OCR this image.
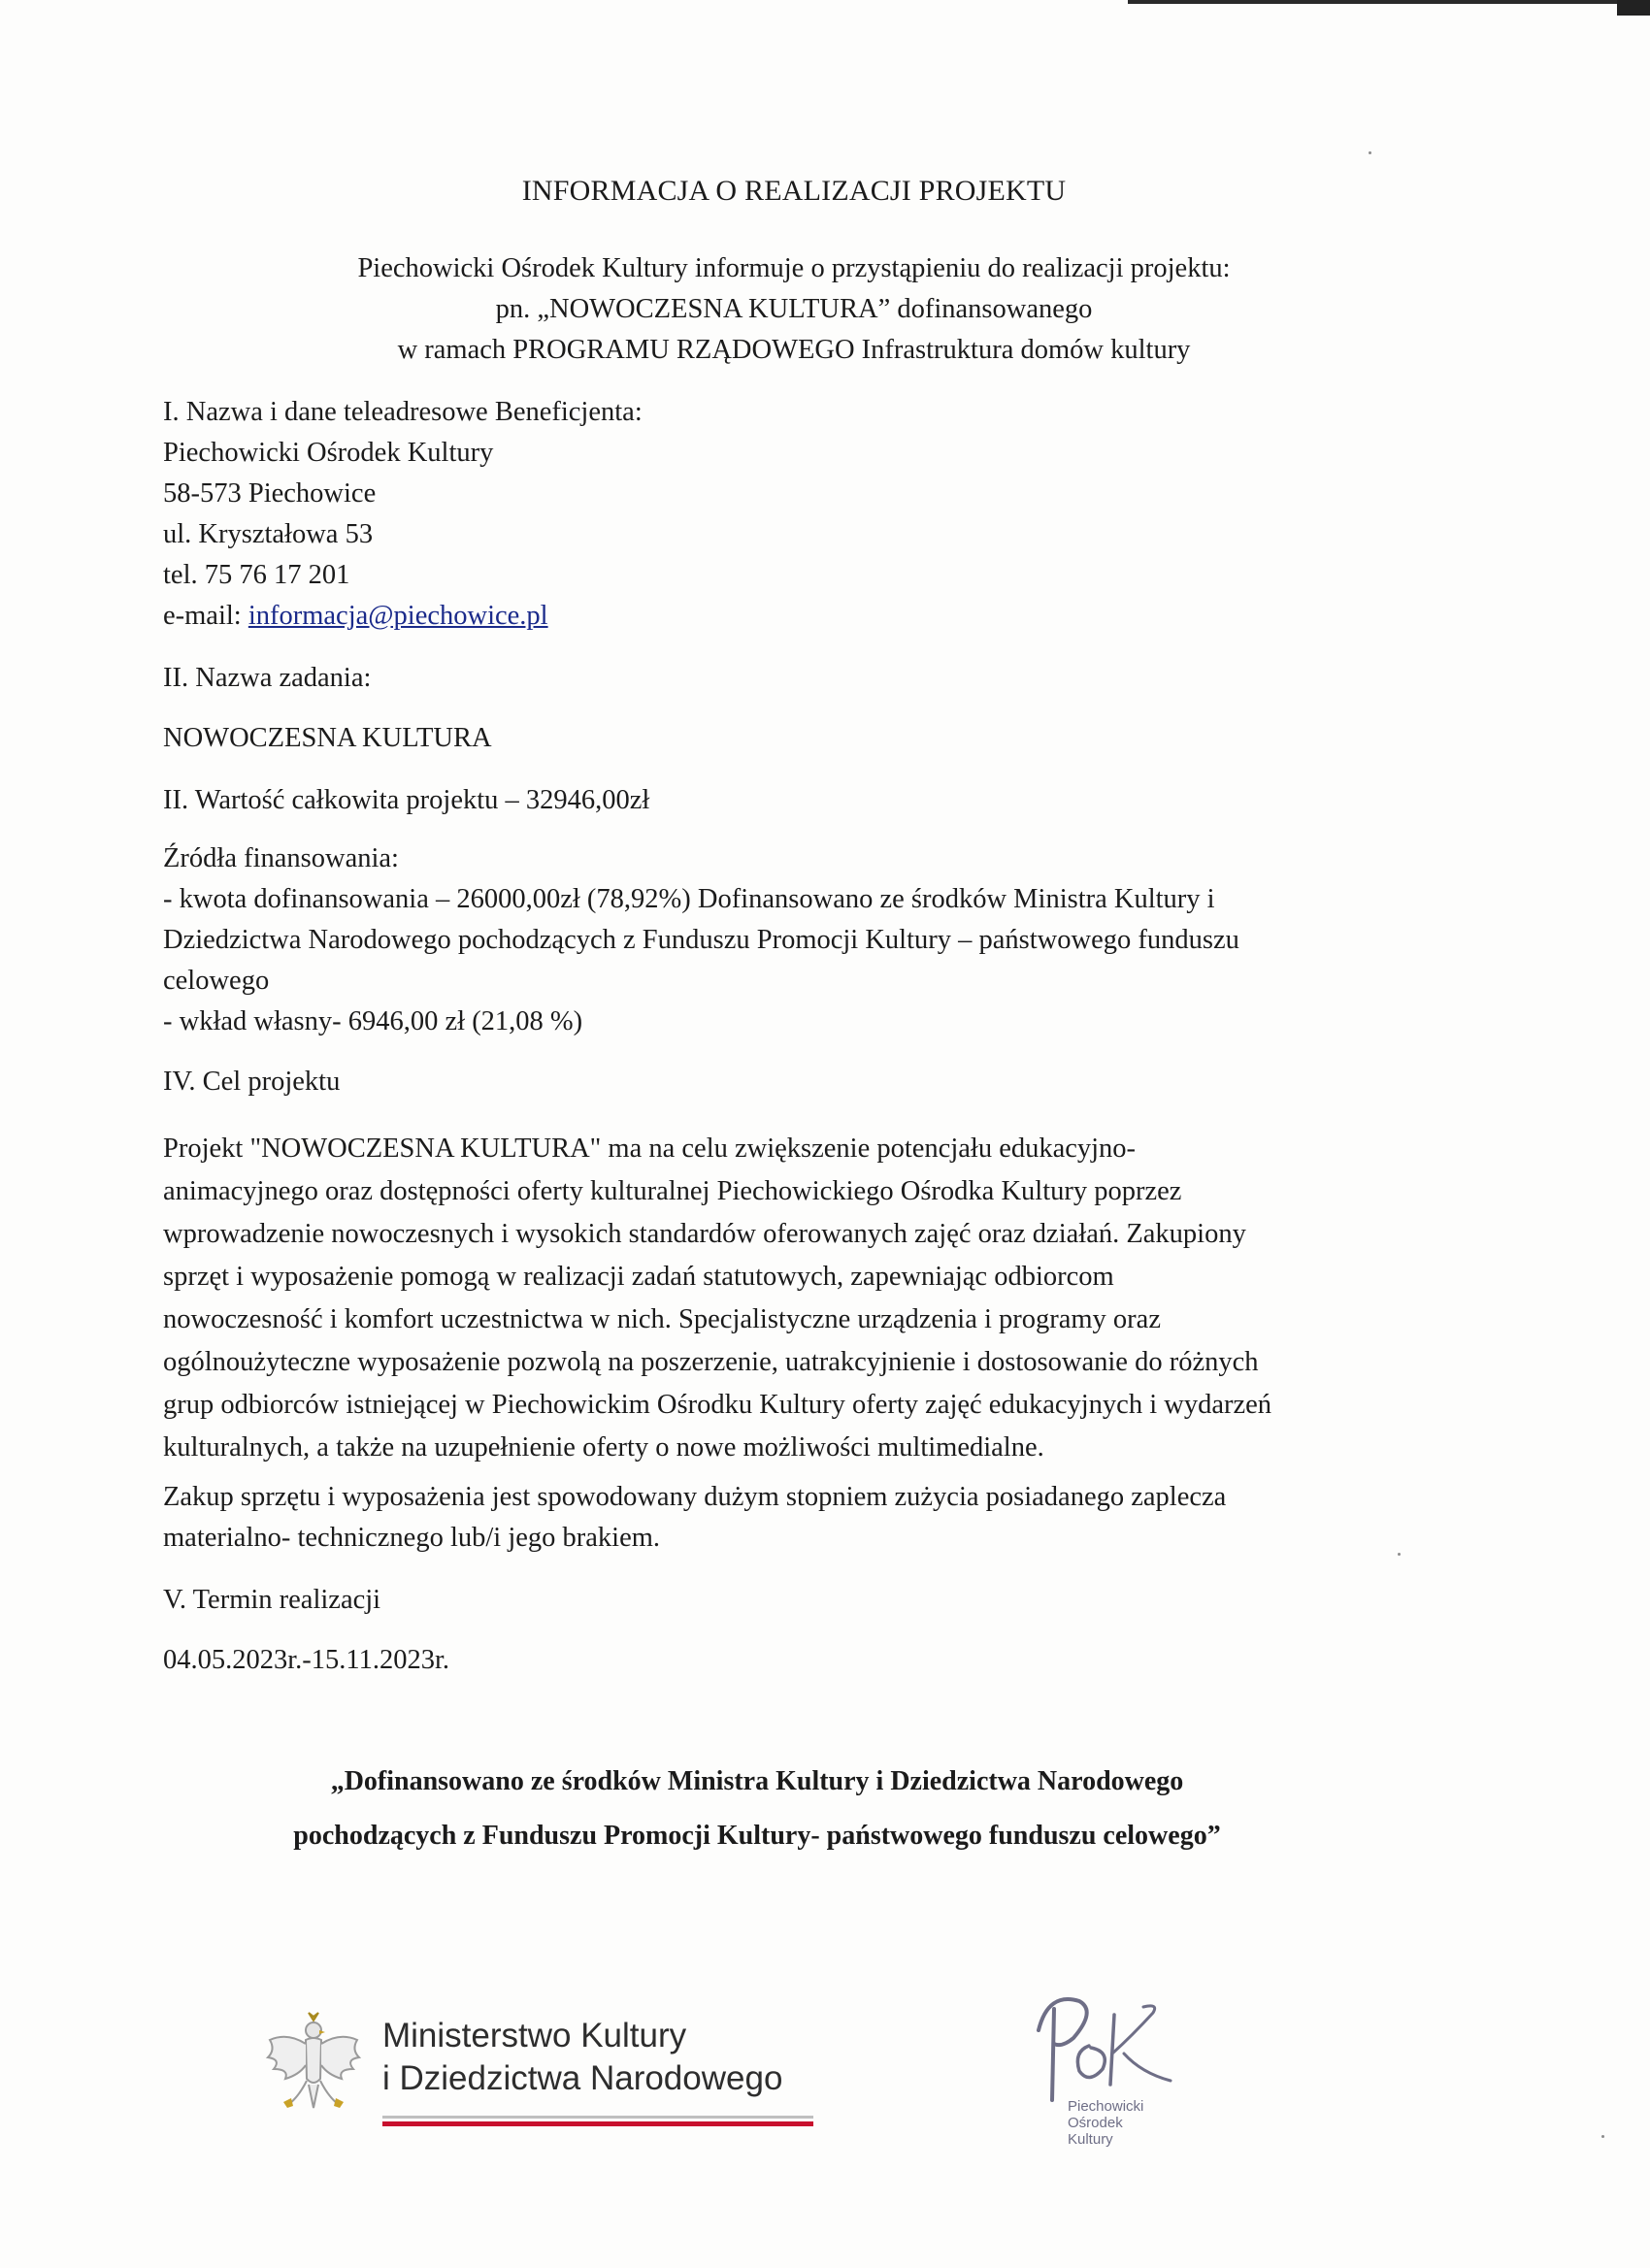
INFORMACJA O REALIZACJI PROJEKTU
Piechowicki Ośrodek Kultury informuje o przystąpieniu do realizacji projektu:
pn. „NOWOCZESNA KULTURA” dofinansowanego
w ramach PROGRAMU RZĄDOWEGO Infrastruktura domów kultury
I. Nazwa i dane teleadresowe Beneficjenta:
Piechowicki Ośrodek Kultury
58-573 Piechowice
ul. Kryształowa 53
tel. 75 76 17 201
e-mail: informacja@piechowice.pl
II. Nazwa zadania:
NOWOCZESNA KULTURA
II. Wartość całkowita projektu – 32946,00zł
Źródła finansowania:
- kwota dofinansowania – 26000,00zł (78,92%) Dofinansowano ze środków Ministra Kultury i
Dziedzictwa Narodowego pochodzących z Funduszu Promocji Kultury – państwowego funduszu
celowego
- wkład własny- 6946,00 zł (21,08 %)
IV. Cel projektu
Projekt "NOWOCZESNA KULTURA" ma na celu zwiększenie potencjału edukacyjno-
animacyjnego oraz dostępności oferty kulturalnej Piechowickiego Ośrodka Kultury poprzez
wprowadzenie nowoczesnych i wysokich standardów oferowanych zajęć oraz działań. Zakupiony
sprzęt i wyposażenie pomogą w realizacji zadań statutowych, zapewniając odbiorcom
nowoczesność i komfort uczestnictwa w nich. Specjalistyczne urządzenia i programy oraz
ogólnoużyteczne wyposażenie pozwolą na poszerzenie, uatrakcyjnienie i dostosowanie do różnych
grup odbiorców istniejącej w Piechowickim Ośrodku Kultury oferty zajęć edukacyjnych i wydarzeń
kulturalnych, a także na uzupełnienie oferty o nowe możliwości multimedialne.
Zakup sprzętu i wyposażenia jest spowodowany dużym stopniem zużycia posiadanego zaplecza
materialno- technicznego lub/i jego brakiem.
V. Termin realizacji
04.05.2023r.-15.11.2023r.
„Dofinansowano ze środków Ministra Kultury i Dziedzictwa Narodowego
pochodzących z Funduszu Promocji Kultury- państwowego funduszu celowego”
Ministerstwo Kultury
i Dziedzictwa Narodowego
Piechowicki
Ośrodek
Kultury
